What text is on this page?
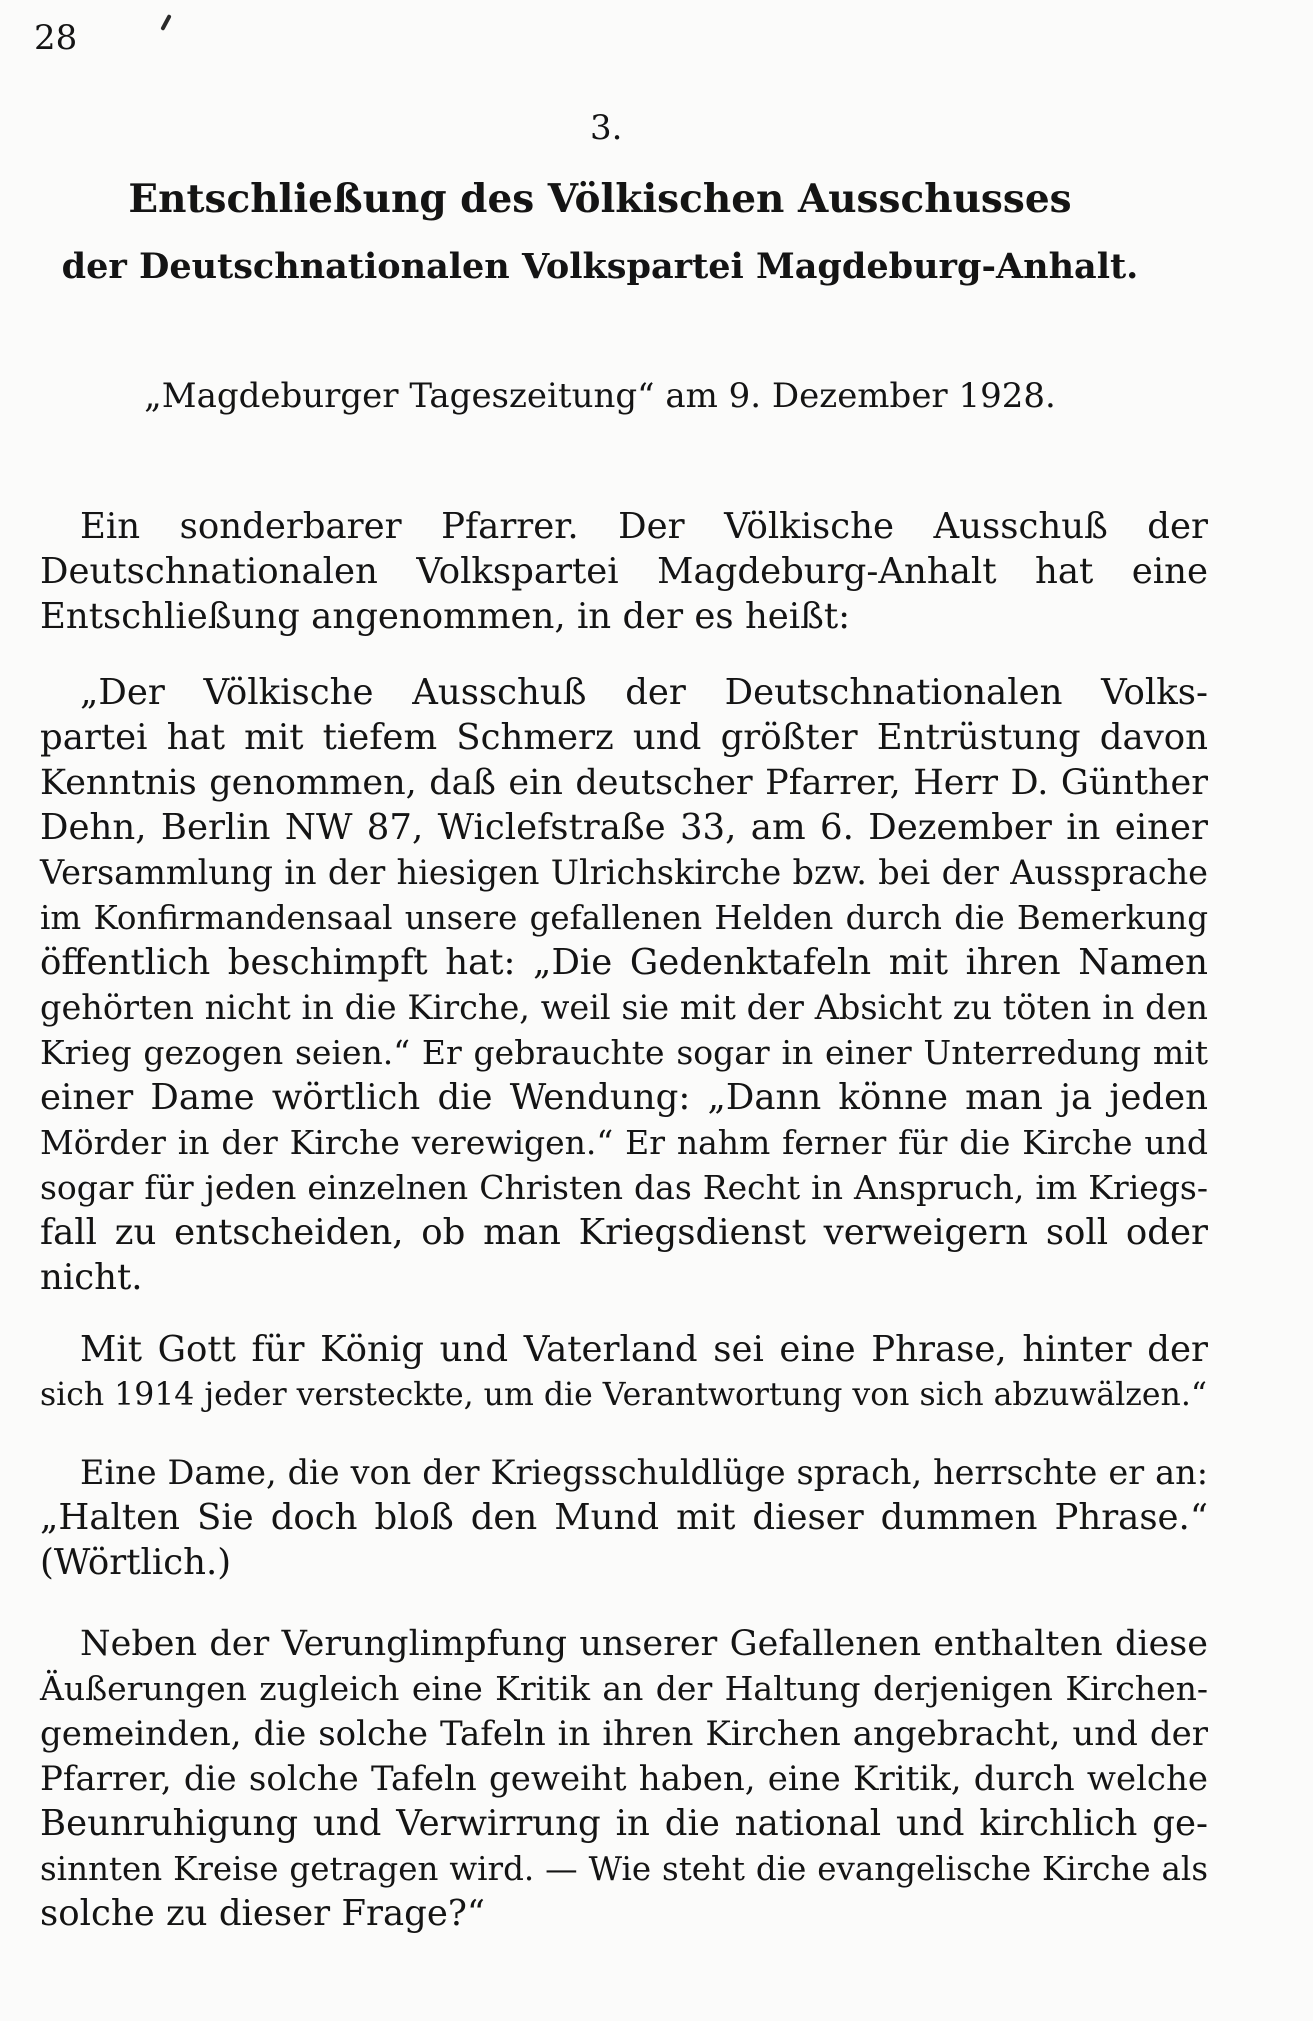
28
3.
Entschließung des Völkischen Ausschusses
der Deutschnationalen Volkspartei Magdeburg-Anhalt.
„Magdeburger Tageszeitung“ am 9. Dezember 1928.
Ein sonderbarer Pfarrer. Der Völkische Ausschuß der
Deutschnationalen Volkspartei Magdeburg-Anhalt hat eine
Entschließung angenommen, in der es heißt:
„Der Völkische Ausschuß der Deutschnationalen Volks-
partei hat mit tiefem Schmerz und größter Entrüstung davon
Kenntnis genommen, daß ein deutscher Pfarrer, Herr D. Günther
Dehn, Berlin NW 87, Wiclefstraße 33, am 6. Dezember in einer
Versammlung in der hiesigen Ulrichskirche bzw. bei der Aussprache
im Konfirmandensaal unsere gefallenen Helden durch die Bemerkung
öffentlich beschimpft hat: „Die Gedenktafeln mit ihren Namen
gehörten nicht in die Kirche, weil sie mit der Absicht zu töten in den
Krieg gezogen seien.“ Er gebrauchte sogar in einer Unterredung mit
einer Dame wörtlich die Wendung: „Dann könne man ja jeden
Mörder in der Kirche verewigen.“ Er nahm ferner für die Kirche und
sogar für jeden einzelnen Christen das Recht in Anspruch, im Kriegs-
fall zu entscheiden, ob man Kriegsdienst verweigern soll oder
nicht.
Mit Gott für König und Vaterland sei eine Phrase, hinter der
sich 1914 jeder versteckte, um die Verantwortung von sich abzuwälzen.“
Eine Dame, die von der Kriegsschuldlüge sprach, herrschte er an:
„Halten Sie doch bloß den Mund mit dieser dummen Phrase.“
(Wörtlich.)
Neben der Verunglimpfung unserer Gefallenen enthalten diese
Äußerungen zugleich eine Kritik an der Haltung derjenigen Kirchen-
gemeinden, die solche Tafeln in ihren Kirchen angebracht, und der
Pfarrer, die solche Tafeln geweiht haben, eine Kritik, durch welche
Beunruhigung und Verwirrung in die national und kirchlich ge-
sinnten Kreise getragen wird. — Wie steht die evangelische Kirche als
solche zu dieser Frage?“
